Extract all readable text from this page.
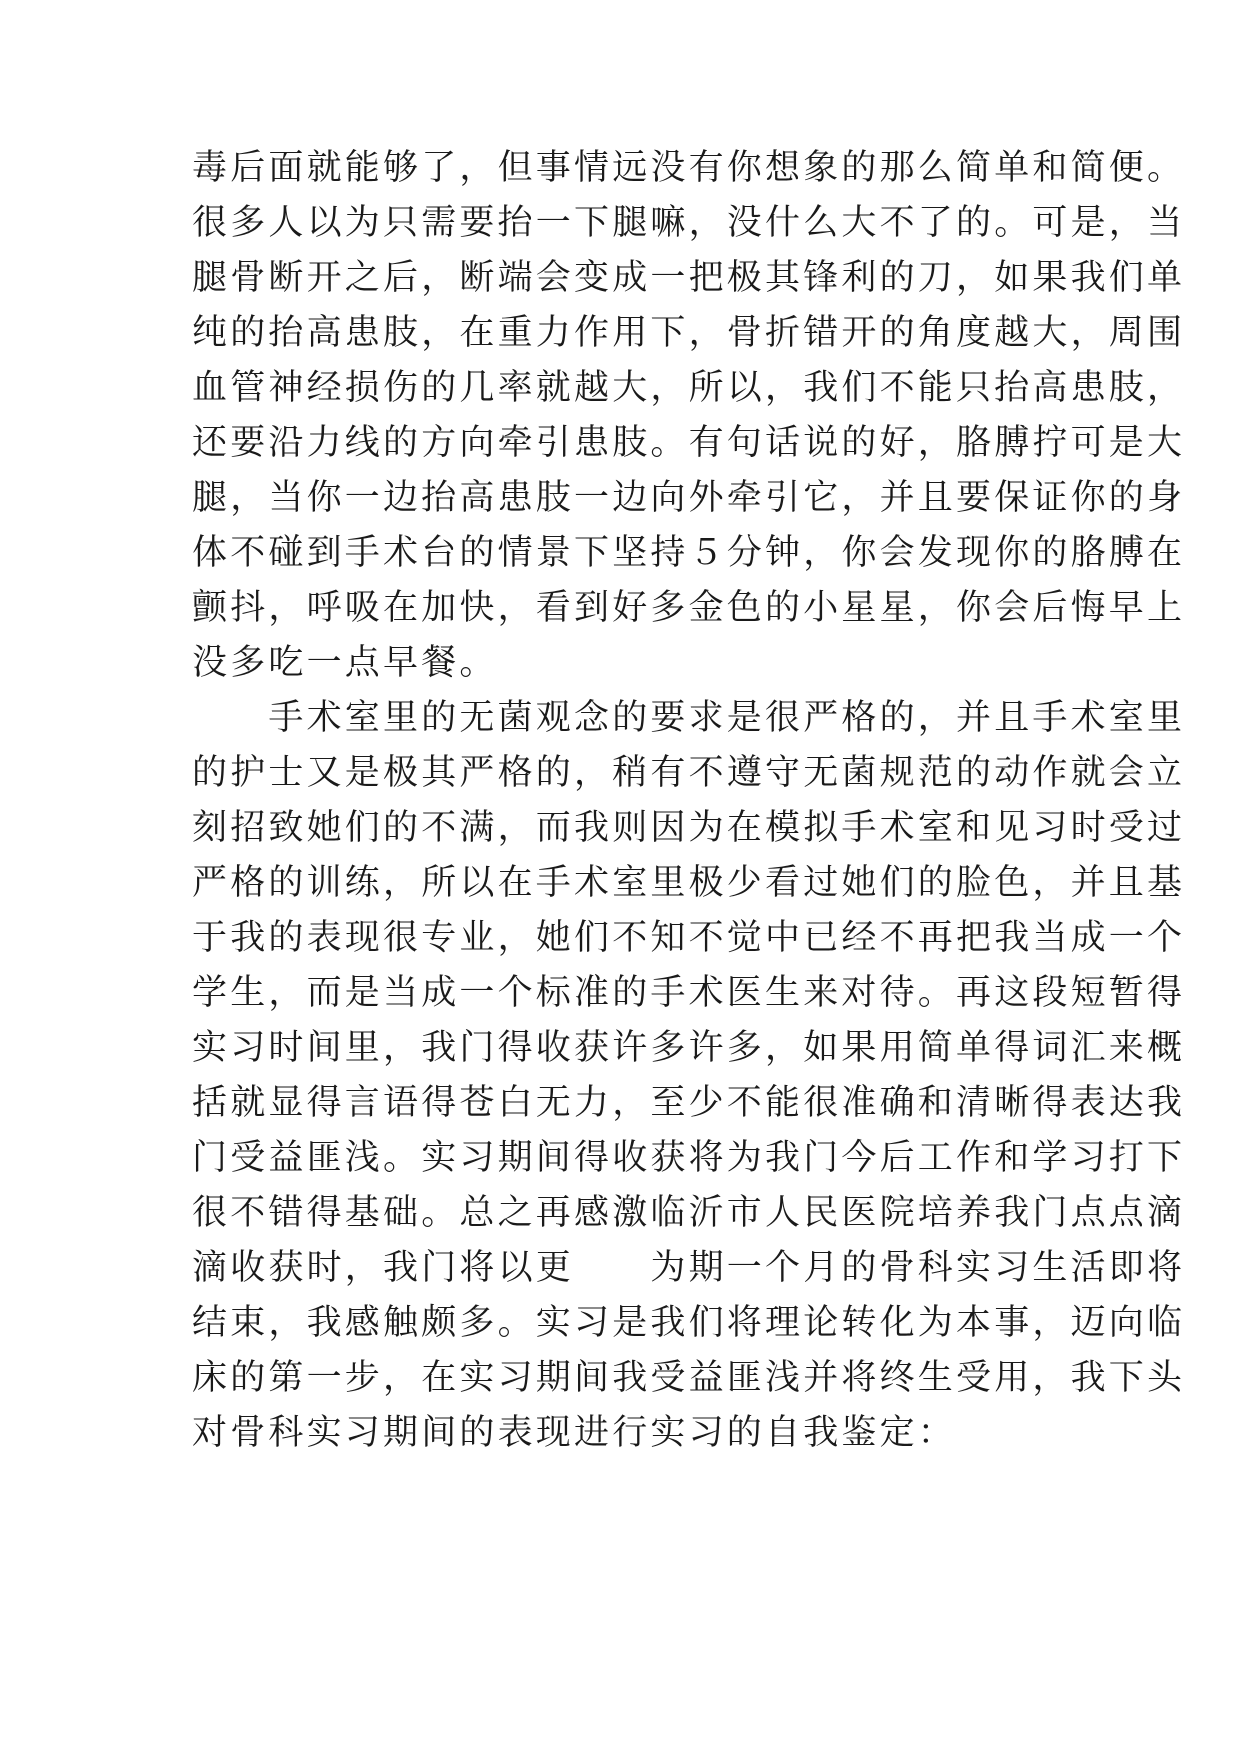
毒后面就能够了，但事情远没有你想象的那么简单和简便。
很多人以为只需要抬一下腿嘛，没什么大不了的。可是，当
腿骨断开之后，断端会变成一把极其锋利的刀，如果我们单
纯的抬高患肢，在重力作用下，骨折错开的角度越大，周围
血管神经损伤的几率就越大，所以，我们不能只抬高患肢，
还要沿力线的方向牵引患肢。有句话说的好，胳膊拧可是大
腿，当你一边抬高患肢一边向外牵引它，并且要保证你的身
体不碰到手术台的情景下坚持５分钟，你会发现你的胳膊在
颤抖，呼吸在加快，看到好多金色的小星星，你会后悔早上
没多吃一点早餐。
　　手术室里的无菌观念的要求是很严格的，并且手术室里
的护士又是极其严格的，稍有不遵守无菌规范的动作就会立
刻招致她们的不满，而我则因为在模拟手术室和见习时受过
严格的训练，所以在手术室里极少看过她们的脸色，并且基
于我的表现很专业，她们不知不觉中已经不再把我当成一个
学生，而是当成一个标准的手术医生来对待。再这段短暂得
实习时间里，我门得收获许多许多，如果用简单得词汇来概
括就显得言语得苍白无力，至少不能很准确和清晰得表达我
门受益匪浅。实习期间得收获将为我门今后工作和学习打下
很不错得基础。总之再感激临沂市人民医院培养我门点点滴
滴收获时，我门将以更　　为期一个月的骨科实习生活即将
结束，我感触颇多。实习是我们将理论转化为本事，迈向临
床的第一步，在实习期间我受益匪浅并将终生受用，我下头
对骨科实习期间的表现进行实习的自我鉴定：
